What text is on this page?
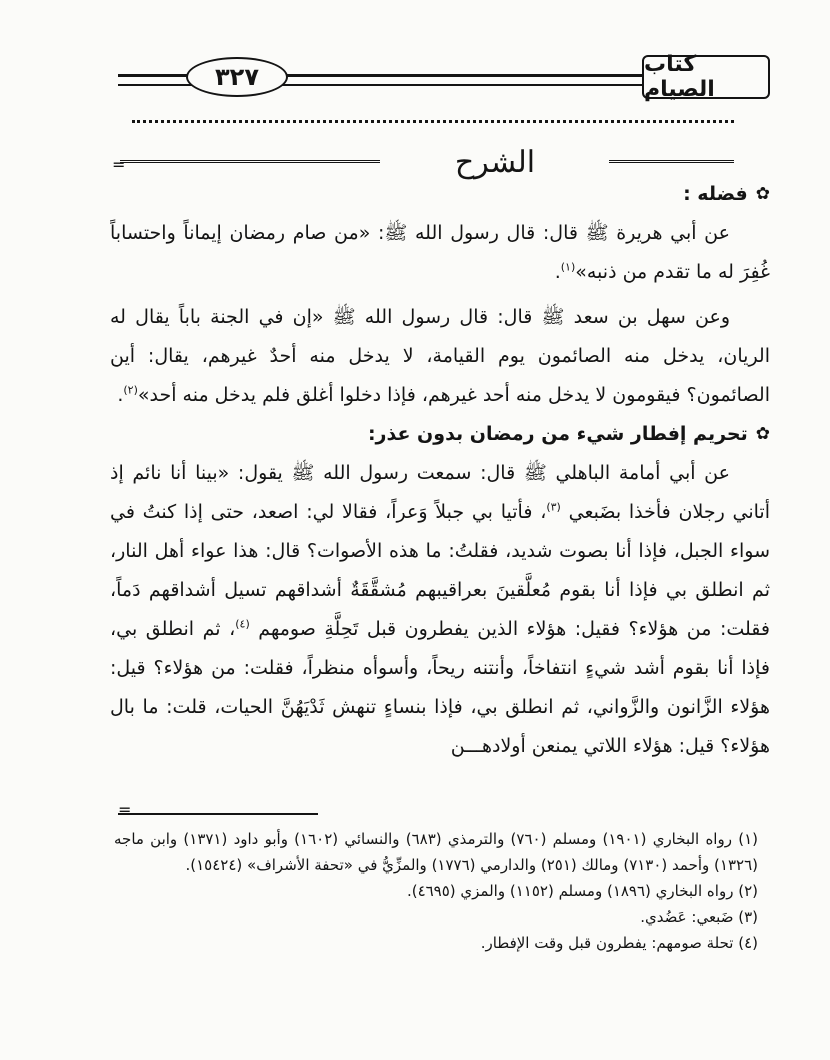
٣٢٧	كتاب الصيام
=	الشرح

✿
فضله :

عن أبي هريرة ﷺ قال: قال رسول الله ﷺ: «من صام رمضان إيماناً واحتساباً غُفِرَ له ما تقدم من ذنبه»$^{(١)}$.

وعن سهل بن سعد ﷺ قال: قال رسول الله ﷺ «إن في الجنة باباً يقال له الريان، يدخل منه الصائمون يوم القيامة، لا يدخل منه أحدٌ غيرهم، يقال: أين الصائمون؟ فيقومون لا يدخل منه أحد غيرهم، فإذا دخلوا أغلق فلم يدخل منه أحد»$^{(٢)}$.

✿
تحريم إفطار شيء من رمضان بدون عذر:

عن أبي أمامة الباهلي ﷺ قال: سمعت رسول الله ﷺ يقول: «بينا أنا نائم إذ أتاني رجلان فأخذا بضَبعي $^{(٣)}$، فأتيا بي جبلاً وَعراً، فقالا لي: اصعد، حتى إذا كنتُ في سواء الجبل، فإذا أنا بصوت شديد، فقلتُ: ما هذه الأصوات؟ قال: هذا عواء أهل النار، ثم انطلق بي فإذا أنا بقوم مُعلَّقينَ بعراقيبهم مُشقَّقَةٌ أشداقهم تسيل أشداقهم دَماً، فقلت: من هؤلاء؟ فقيل: هؤلاء الذين يفطرون قبل تَحِلَّةِ صومهم $^{(٤)}$، ثم انطلق بي، فإذا أنا بقوم أشد شيءٍ انتفاخاً، وأنتنه ريحاً، وأسوأه منظراً، فقلت: من هؤلاء؟ قيل: هؤلاء الزَّانون والزَّواني، ثم انطلق بي، فإذا بنساءٍ تنهش ثَدْيَهُنَّ الحيات، قلت: ما بال هؤلاء؟ قيل: هؤلاء اللاتي يمنعن أولادهـــن

=

(١) رواه البخاري (١٩٠١) ومسلم (٧٦٠) والترمذي (٦٨٣) والنسائي (١٦٠٢) وأبو داود (١٣٧١) وابن ماجه (١٣٢٦) وأحمد (٧١٣٠) ومالك (٢٥١) والدارمي (١٧٧٦) والمزِّيُّ في «تحفة الأشراف» (١٥٤٢٤).

(٢) رواه البخاري (١٨٩٦) ومسلم (١١٥٢) والمزي (٤٦٩٥).

(٣) ضَبعي: عَضُدي.

(٤) تحلة صومهم: يفطرون قبل وقت الإفطار.
